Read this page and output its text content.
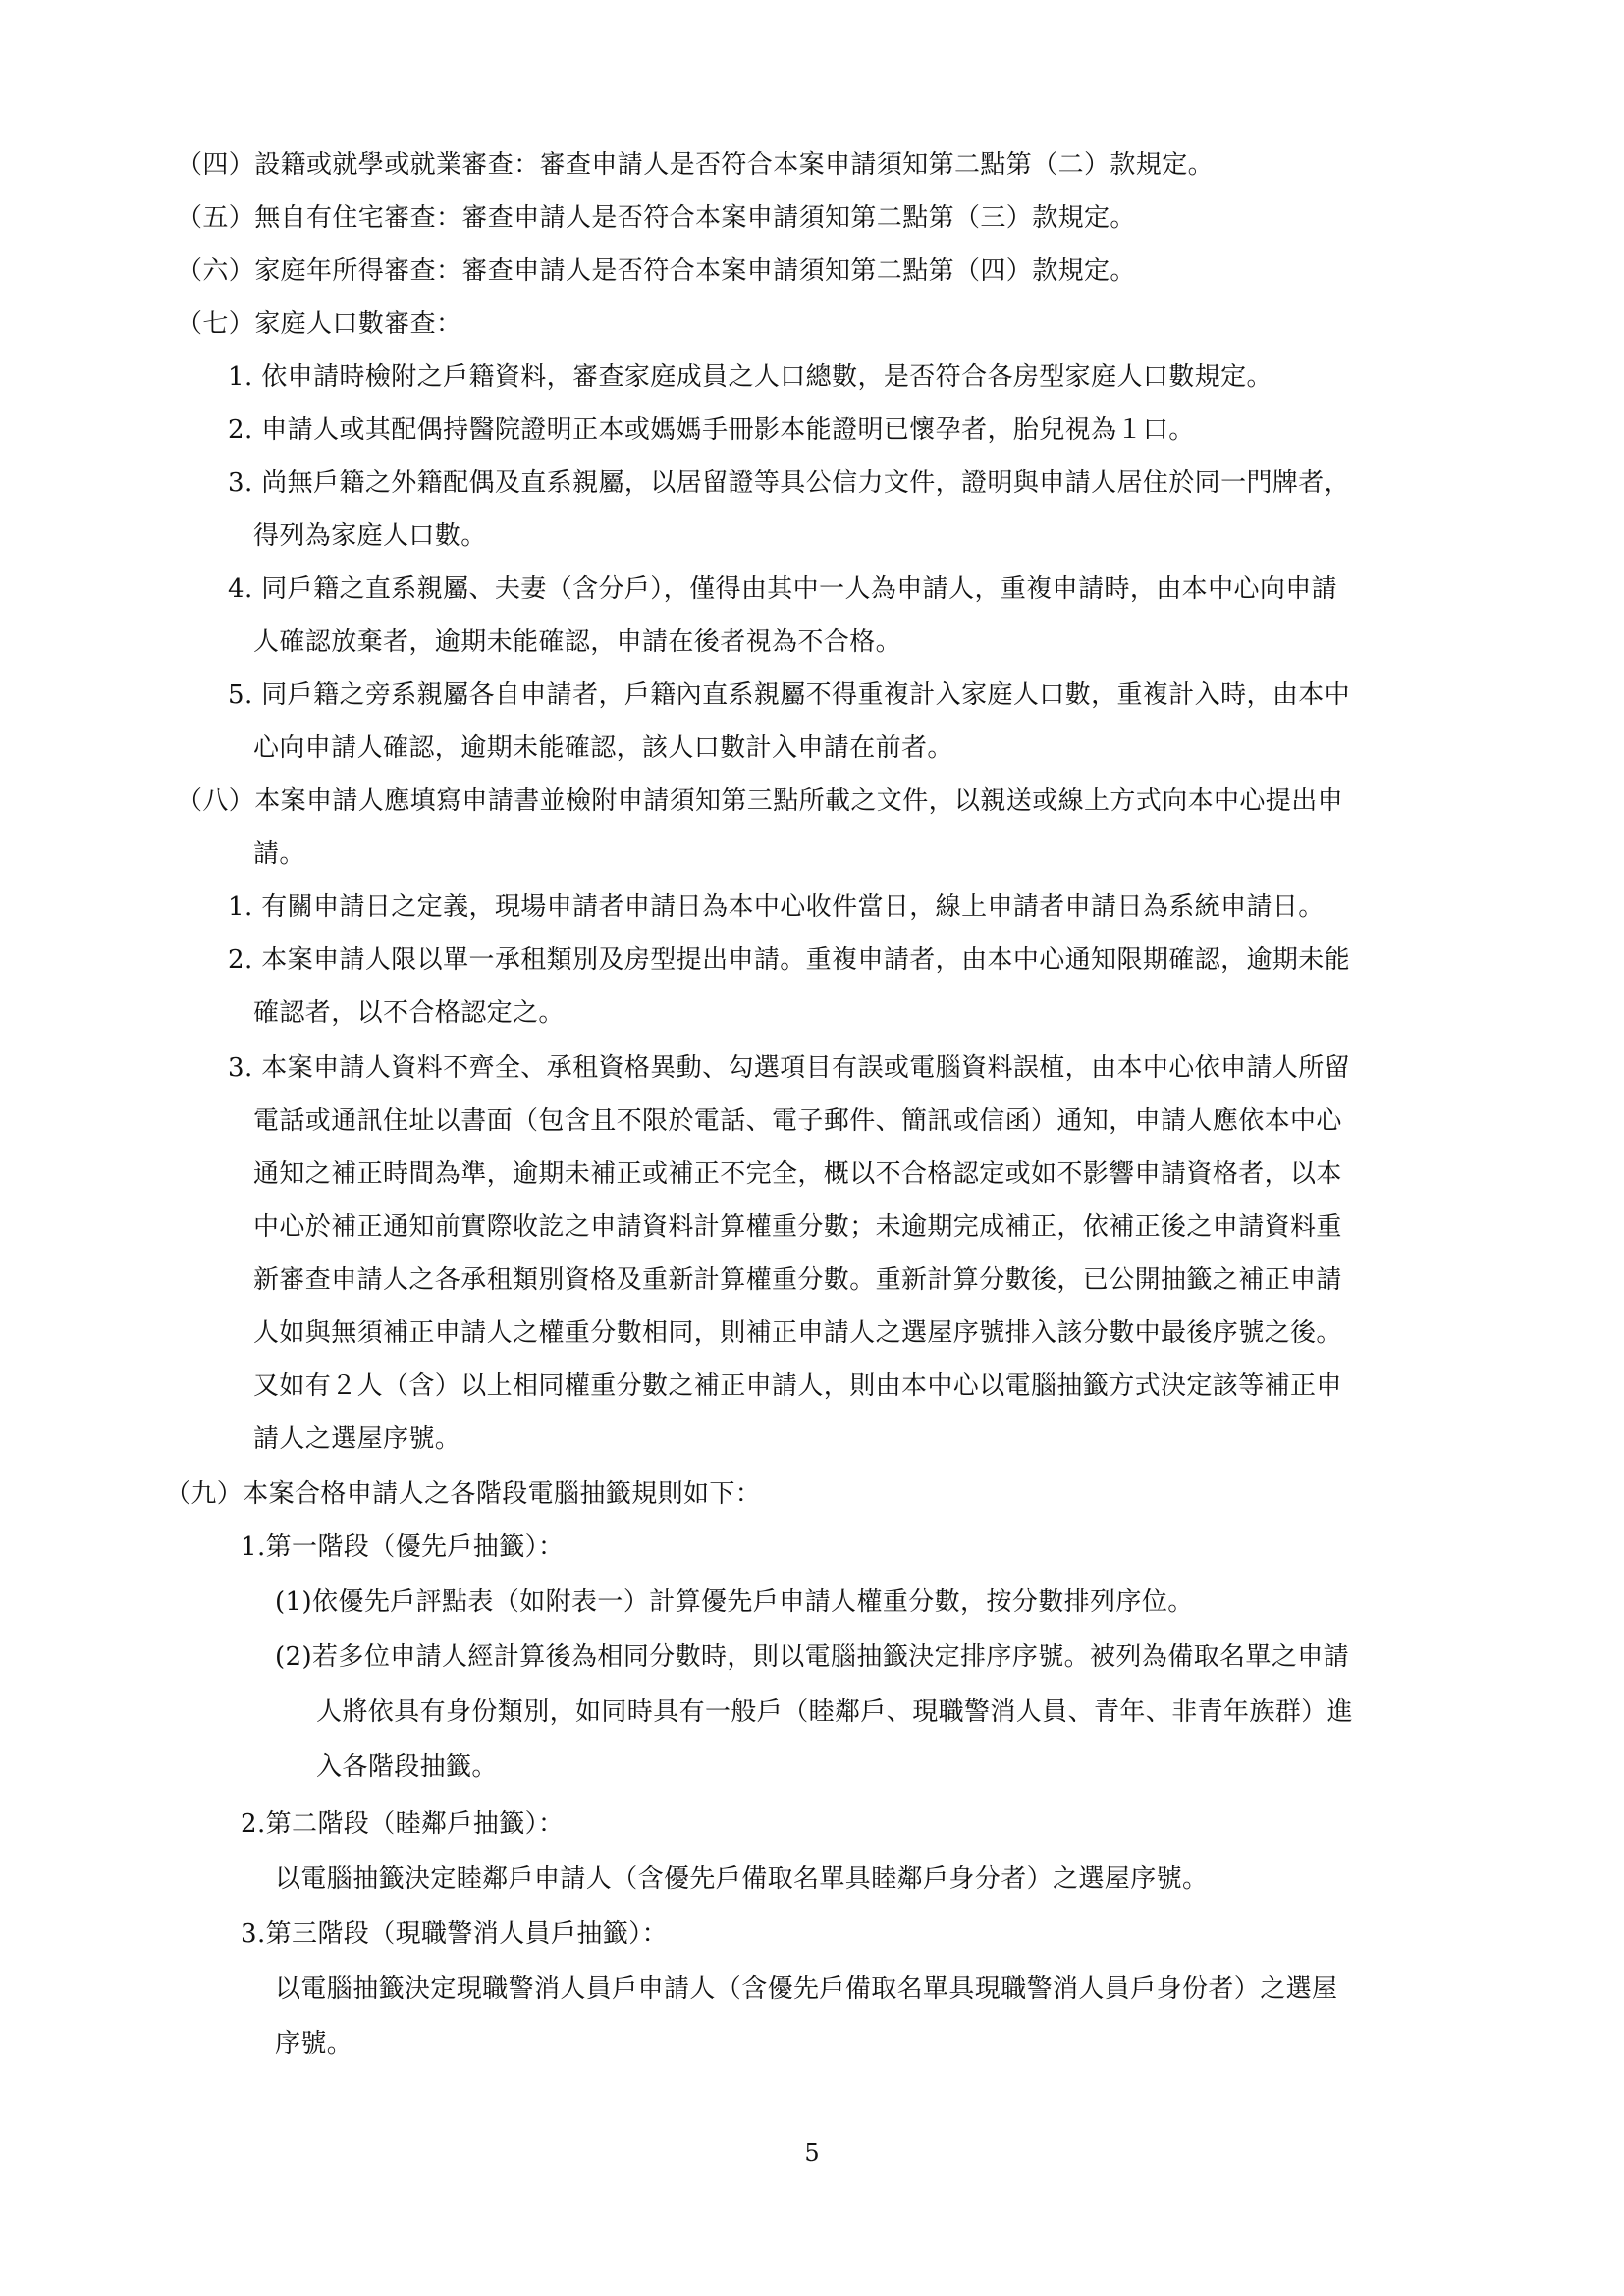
（四）設籍或就學或就業審查：審查申請人是否符合本案申請須知第二點第（二）款規定。
（五）無自有住宅審查：審查申請人是否符合本案申請須知第二點第（三）款規定。
（六）家庭年所得審查：審查申請人是否符合本案申請須知第二點第（四）款規定。
（七）家庭人口數審查：
1. 依申請時檢附之戶籍資料，審查家庭成員之人口總數，是否符合各房型家庭人口數規定。
2. 申請人或其配偶持醫院證明正本或媽媽手冊影本能證明已懷孕者，胎兒視為１口。
3. 尚無戶籍之外籍配偶及直系親屬，以居留證等具公信力文件，證明與申請人居住於同一門牌者，
得列為家庭人口數。
4. 同戶籍之直系親屬、夫妻（含分戶），僅得由其中一人為申請人，重複申請時，由本中心向申請
人確認放棄者，逾期未能確認，申請在後者視為不合格。
5. 同戶籍之旁系親屬各自申請者，戶籍內直系親屬不得重複計入家庭人口數，重複計入時，由本中
心向申請人確認，逾期未能確認，該人口數計入申請在前者。
（八）本案申請人應填寫申請書並檢附申請須知第三點所載之文件，以親送或線上方式向本中心提出申
請。
1. 有關申請日之定義，現場申請者申請日為本中心收件當日，線上申請者申請日為系統申請日。
2. 本案申請人限以單一承租類別及房型提出申請。重複申請者，由本中心通知限期確認，逾期未能
確認者，以不合格認定之。
3. 本案申請人資料不齊全、承租資格異動、勾選項目有誤或電腦資料誤植，由本中心依申請人所留
電話或通訊住址以書面（包含且不限於電話、電子郵件、簡訊或信函）通知，申請人應依本中心
通知之補正時間為準，逾期未補正或補正不完全，概以不合格認定或如不影響申請資格者，以本
中心於補正通知前實際收訖之申請資料計算權重分數；未逾期完成補正，依補正後之申請資料重
新審查申請人之各承租類別資格及重新計算權重分數。重新計算分數後，已公開抽籤之補正申請
人如與無須補正申請人之權重分數相同，則補正申請人之選屋序號排入該分數中最後序號之後。
又如有２人（含）以上相同權重分數之補正申請人，則由本中心以電腦抽籤方式決定該等補正申
請人之選屋序號。
（九）本案合格申請人之各階段電腦抽籤規則如下：
1.第一階段（優先戶抽籤）：
(1)依優先戶評點表（如附表一）計算優先戶申請人權重分數，按分數排列序位。
(2)若多位申請人經計算後為相同分數時，則以電腦抽籤決定排序序號。被列為備取名單之申請
人將依具有身份類別，如同時具有一般戶（睦鄰戶、現職警消人員、青年、非青年族群）進
入各階段抽籤。
2.第二階段（睦鄰戶抽籤）：
以電腦抽籤決定睦鄰戶申請人（含優先戶備取名單具睦鄰戶身分者）之選屋序號。
3.第三階段（現職警消人員戶抽籤）：
以電腦抽籤決定現職警消人員戶申請人（含優先戶備取名單具現職警消人員戶身份者）之選屋
序號。
5
